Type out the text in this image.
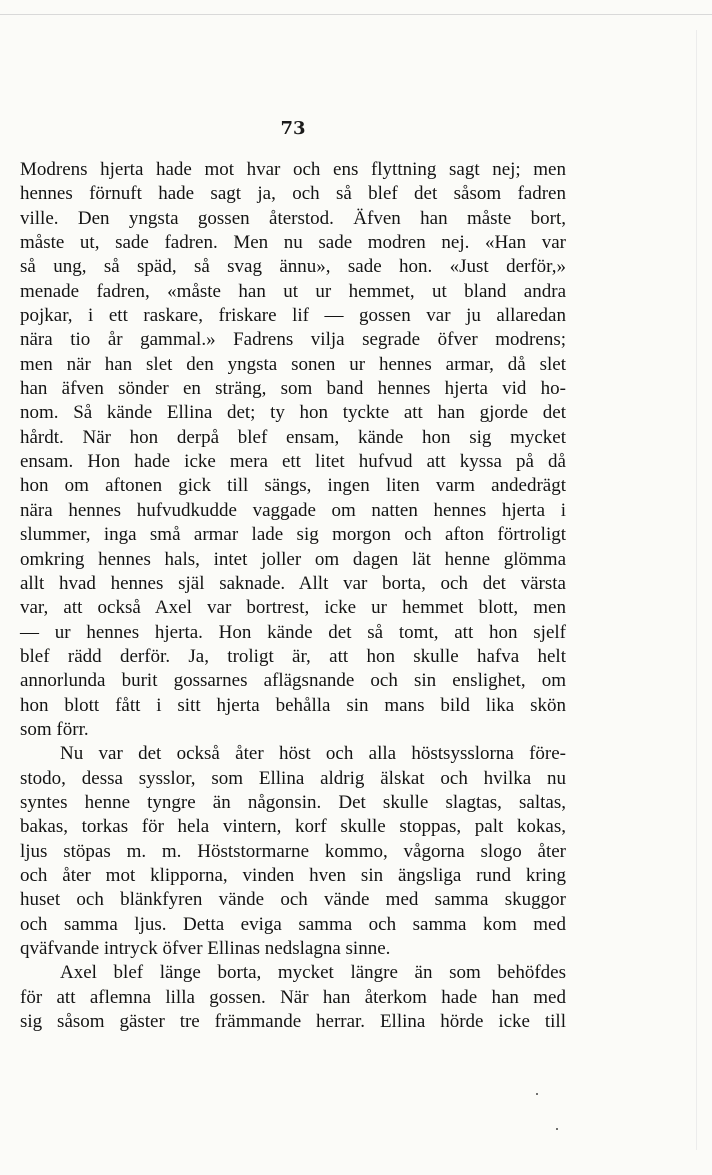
73
Modrens hjerta hade mot hvar och ens flyttning sagt nej; men
hennes förnuft hade sagt ja, och så blef det såsom fadren
ville. Den yngsta gossen återstod. Äfven han måste bort,
måste ut, sade fadren. Men nu sade modren nej. «Han var
så ung, så späd, så svag ännu», sade hon. «Just derför,»
menade fadren, «måste han ut ur hemmet, ut bland andra
pojkar, i ett raskare, friskare lif — gossen var ju allaredan
nära tio år gammal.» Fadrens vilja segrade öfver modrens;
men när han slet den yngsta sonen ur hennes armar, då slet
han äfven sönder en sträng, som band hennes hjerta vid ho-
nom. Så kände Ellina det; ty hon tyckte att han gjorde det
hårdt. När hon derpå blef ensam, kände hon sig mycket
ensam. Hon hade icke mera ett litet hufvud att kyssa på då
hon om aftonen gick till sängs, ingen liten varm andedrägt
nära hennes hufvudkudde vaggade om natten hennes hjerta i
slummer, inga små armar lade sig morgon och afton förtroligt
omkring hennes hals, intet joller om dagen lät henne glömma
allt hvad hennes själ saknade. Allt var borta, och det värsta
var, att också Axel var bortrest, icke ur hemmet blott, men
— ur hennes hjerta. Hon kände det så tomt, att hon sjelf
blef rädd derför. Ja, troligt är, att hon skulle hafva helt
annorlunda burit gossarnes aflägsnande och sin enslighet, om
hon blott fått i sitt hjerta behålla sin mans bild lika skön
som förr.
Nu var det också åter höst och alla höstsysslorna före-
stodo, dessa sysslor, som Ellina aldrig älskat och hvilka nu
syntes henne tyngre än någonsin. Det skulle slagtas, saltas,
bakas, torkas för hela vintern, korf skulle stoppas, palt kokas,
ljus stöpas m. m. Höststormarne kommo, vågorna slogo åter
och åter mot klipporna, vinden hven sin ängsliga rund kring
huset och blänkfyren vände och vände med samma skuggor
och samma ljus. Detta eviga samma och samma kom med
qväfvande intryck öfver Ellinas nedslagna sinne.
Axel blef länge borta, mycket längre än som behöfdes
för att aflemna lilla gossen. När han återkom hade han med
sig såsom gäster tre främmande herrar. Ellina hörde icke till
